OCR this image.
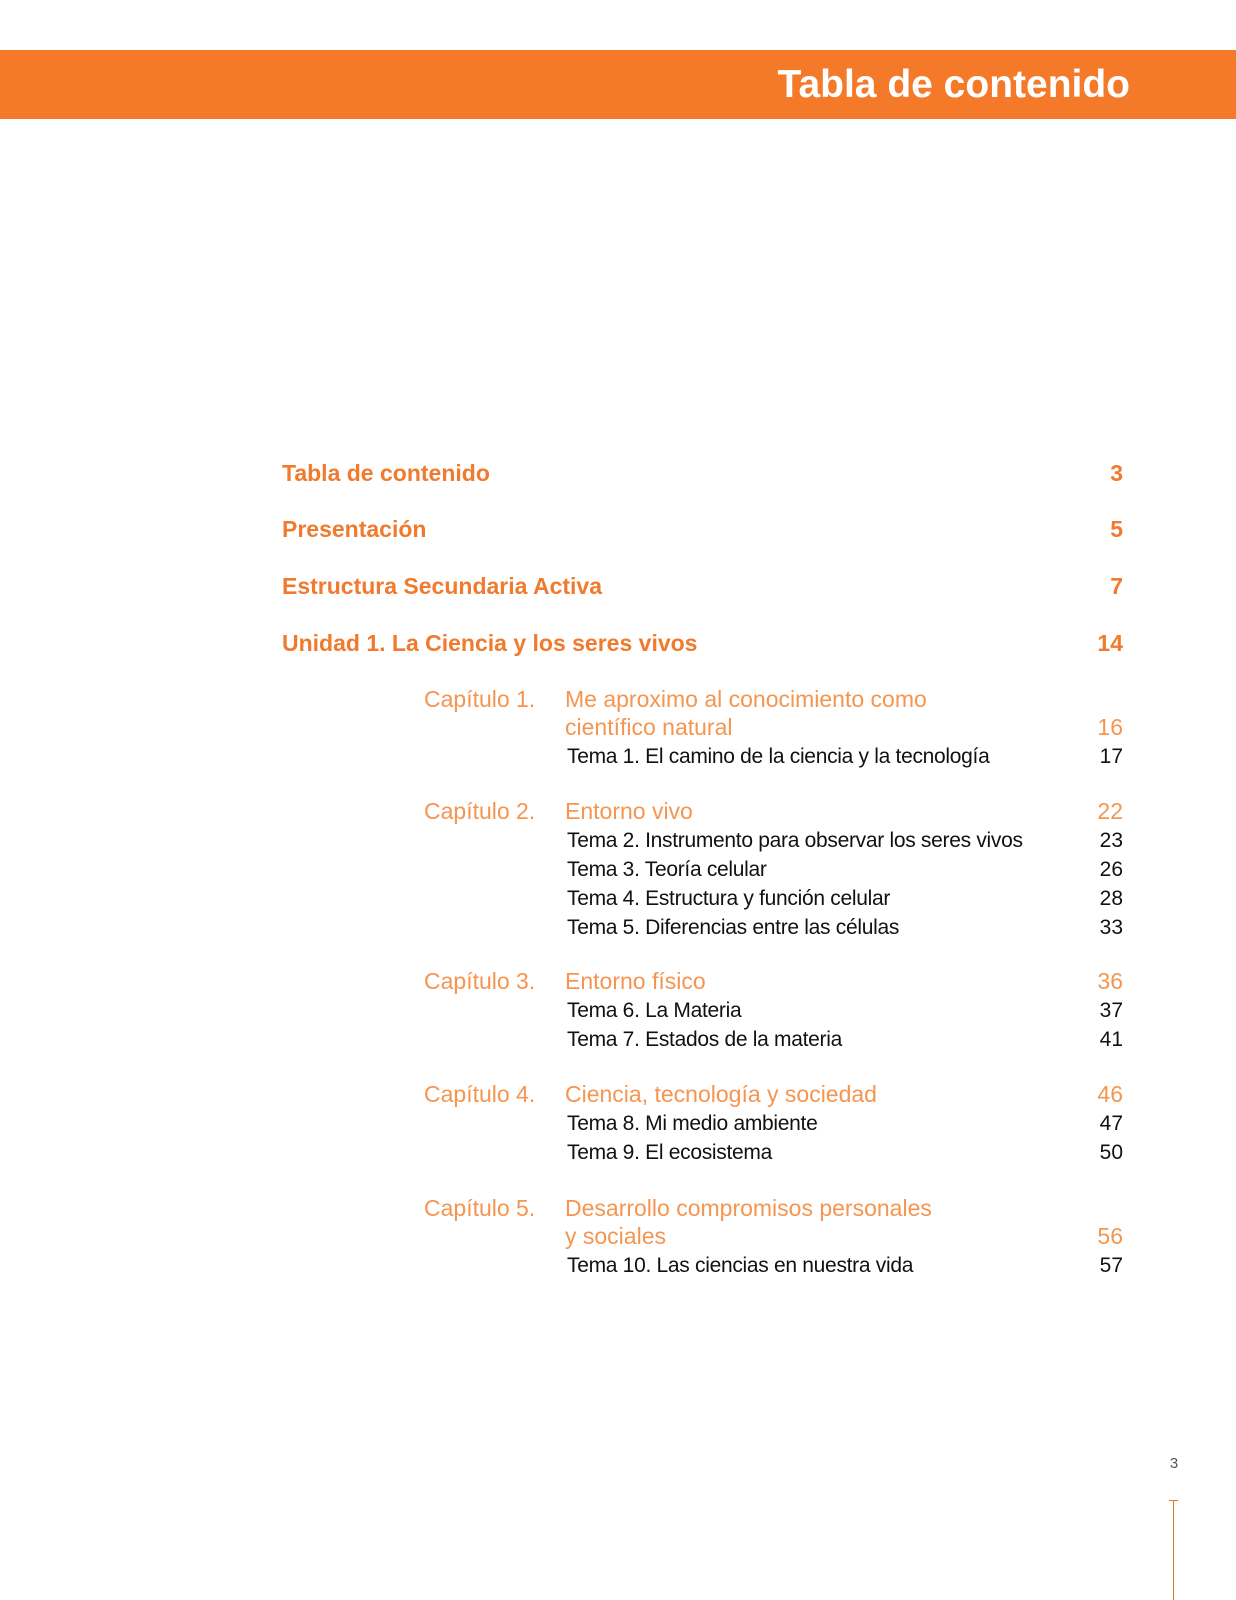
Tabla de contenido
Tabla de contenido	3
Presentación	5
Estructura Secundaria Activa	7
Unidad 1. La Ciencia y los seres vivos	14
Capítulo 1. Me aproximo al conocimiento como
científico natural	16
Tema 1. El camino de la ciencia y la tecnología	17
Capítulo 2. Entorno vivo	22
Tema 2. Instrumento para observar los seres vivos	23
Tema 3. Teoría celular	26
Tema 4. Estructura y función celular	28
Tema 5. Diferencias entre las células	33
Capítulo 3. Entorno físico	36
Tema 6. La Materia	37
Tema 7. Estados de la materia	41
Capítulo 4. Ciencia, tecnología y sociedad	46
Tema 8. Mi medio ambiente	47
Tema 9. El ecosistema	50
Capítulo 5. Desarrollo compromisos personales
y sociales	56
Tema 10. Las ciencias en nuestra vida	57
3
